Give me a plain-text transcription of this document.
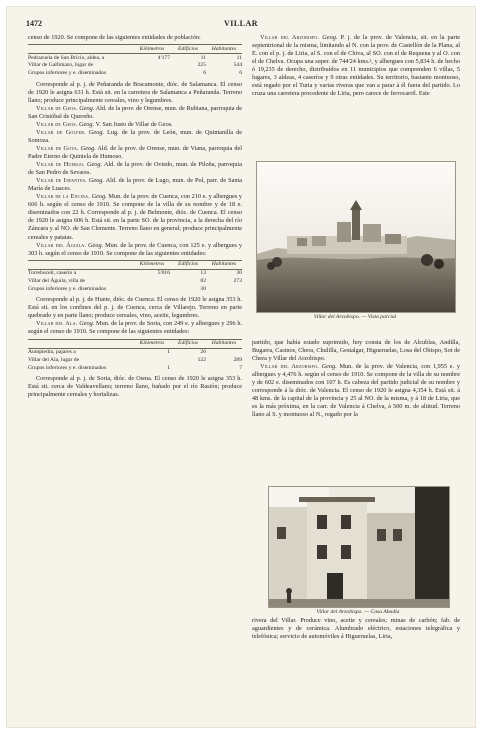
1472	VILLAR

censo de 1920. Se compone de las siguientes entidades de población:

	Kilómetros	Edificios	Habitantes
Pedrazuela de San Bricio, aldea, a	4'177	11	11
Villar de Gallimazo, lugar de		225	544
Grupos inferiores y e. diseminados		6	6

Corresponde al p. j. de Peñaranda de Bracamonte, dióc. de Salamanca. El censo de 1920 le asigna 631 h. Está sit. en la carretera de Salamanca a Peñaranda. Terreno llano; produce principalmente cereales, vino y legumbres.

Villar de Geos. Geog. Ald. de la prov. de Orense, mun. de Rubiana, parroquia de San Cristóbal de Quereño.

Villar de Geos. Geog. V. San Justo de Villar de Geos.

Villar de Golfer. Geog. Lug. de la prov. de León, mun. de Quintanilla de Somoza.

Villar de Goya. Geog. Ald. de la prov. de Orense, mun. de Viana, parroquia del Padre Eterno de Quintela de Humoso.

Villar de Huergo. Geog. Ald. de la prov. de Oviedo, mun. de Piloña, parroquia de San Pedro de Sevares.

Villar de Infantes. Geog. Ald. de la prov. de Lugo, mun. de Pol, parr. de Santa María de Luaces.

Villar de la Encina. Geog. Mun. de la prov. de Cuenca, con 210 e. y albergues y 666 h. según el censo de 1910. Se compone de la villa de su nombre y de 18 e. diseminados con 22 h. Corresponde al p. j. de Belmonte, dióc. de Cuenca. El censo de 1920 le asigna 606 h. Está sit. en la parte SO. de la provincia, a la derecha del río Záncara y al NO. de San Clemente. Terreno llano en general; produce principalmente cereales y patatas.

Villar del Águila. Geog. Mun. de la prov. de Cuenca, con 125 e. y albergues y 303 h. según el censo de 1910. Se compone de las siguientes entidades:

	Kilómetros	Edificios	Habitantes
Torrebuceit, caserío a	5'016	13	30
Villar del Águila, villa de		82	273
Grupos inferiores y e. diseminados		30	

Corresponde al p. j. de Huete, dióc. de Cuenca. El censo de 1920 le asigna 353 h. Está sit. en los confines del p. j. de Cuenca, cerca de Villarejo. Terreno en parte quebrado y en parte llano; produce cereales, vino, aceite, legumbres.

Villar del Ala. Geog. Mun. de la prov. de Soria, con 249 e. y albergues y 296 h. según el censo de 1910. Se compone de las siguientes entidades:

	Kilómetros	Edificios	Habitantes
Aumpiedra, pajares a	1	26	
Villar del Ala, lugar de		122	289
Grupos inferiores y e. diseminados	1		7

Corresponde al p. j. de Soria, dióc. de Osma. El censo de 1920 le asigna 353 h. Está sit. cerca de Valdeavellano; terreno llano, bañado por el río Rasión; produce principalmente cereales y hortalizas.

Villar del Arzobispo. Geog. P. j. de la prov. de Valencia, sit. en la parte septentrional de la misma, limitando al N. con la prov. de Castellón de la Plana, al E. con el p. j. de Liria, al S. con el de Chiva, al SO. con el de Requena y al O. con el de Chelva. Ocupa una super. de 744'24 kms.², y albergues con 5,834 h. de hecho ó 19,235 de derecho, distribuídos en 11 municipios que comprenden 6 villas, 5 lugares, 3 aldeas, 4 caseríos y 9 otras entidades. Su territorio, bastante montuoso, está regado por el Turia y varias riveras que van a parar á él fuera del partido. Lo cruza una carretera procedente de Liria, pero carece de ferrocarril. Este

Villar del Arzobispo. — Vista parcial

partido, que había estado suprimido, hoy consta de los de Alcublas, Andilla, Bugarra, Casinos, Chera, Chulilla, Gestalgar, Higueruelas, Losa del Obispo, Sot de Chera y Villar del Arzobispo.

Villar del Arzobispo. Geog. Mun. de la prov. de Valencia, con 1,955 e. y albergues y 4,476 h. según el censo de 1910. Se compone de la villa de su nombre y de 602 e. diseminados con 107 h. Es cabeza del partido judicial de su nombre y corresponde á la dióc. de Valencia. El censo de 1920 le asigna 4,354 h. Está sit. á 48 kms. de la capital de la provincia y 25 al NO. de la misma, y á 18 de Liria, que es la más próxima, en la carr. de Valencia á Chelva, á 500 m. de altitud. Terreno llano al S. y montuoso al N., regado por la

Villar del Arzobispo. — Casa Abadía

rivera del Villar. Produce vino, aceite y cereales; minas de carbón; fab. de aguardientes y de cerámica. Alumbrado eléctrico, estaciones telegráfica y telefónica; servicio de automóviles á Higueruelas, Liria,
